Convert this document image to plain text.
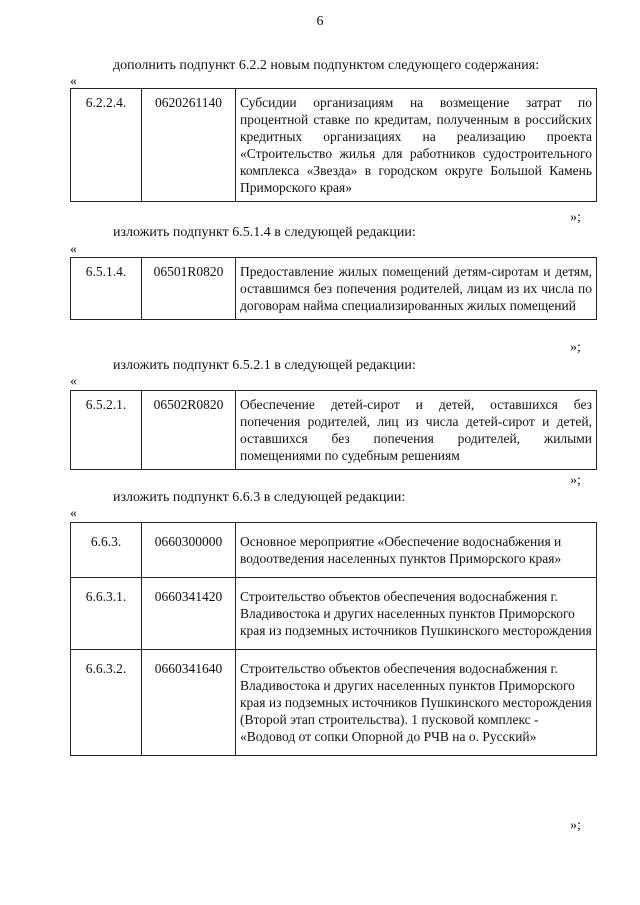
6
дополнить подпункт 6.2.2 новым подпунктом следующего содержания:
«
6.2.2.4.	0620261140	Субсидии организациям на возмещение затрат по процентной ставке по кредитам, полученным в российских кредитных организациях на реализацию проекта «Строительство жилья для работников судостроительного комплекса «Звезда» в городском округе Большой Камень Приморского края»
»;
изложить подпункт 6.5.1.4 в следующей редакции:
«
6.5.1.4.	06501R0820	Предоставление жилых помещений детям-сиротам и детям, оставшимся без попечения родителей, лицам из их числа по договорам найма специализированных жилых помещений
»;
изложить подпункт 6.5.2.1 в следующей редакции:
«
6.5.2.1.	06502R0820	Обеспечение детей-сирот и детей, оставшихся без попечения родителей, лиц из числа детей-сирот и детей, оставшихся без попечения родителей, жилыми помещениями по судебным решениям
»;
изложить подпункт 6.6.3 в следующей редакции:
«
6.6.3.	0660300000	Основное мероприятие «Обеспечение водоснабжения и водоотведения населенных пунктов Приморского края»
6.6.3.1.	0660341420	Строительство объектов обеспечения водоснабжения г. Владивостока и других населенных пунктов Приморского края из подземных источников Пушкинского месторождения
6.6.3.2.	0660341640	Строительство объектов обеспечения водоснабжения г. Владивостока и других населенных пунктов Приморского края из подземных источников Пушкинского месторождения (Второй этап строительства). 1 пусковой комплекс - «Водовод от сопки Опорной до РЧВ на о. Русский»
»;
